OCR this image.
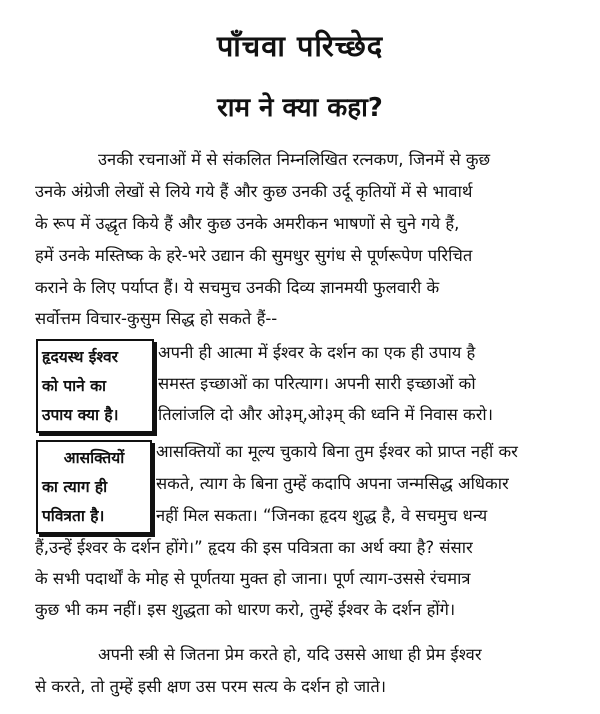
पाँचवा परिच्छेद
राम ने क्या कहा?
उनकी रचनाओं में से संकलित निम्नलिखित रत्नकण, जिनमें से कुछ
उनके अंग्रेजी लेखों से लिये गये हैं और कुछ उनकी उर्दू कृतियों में से भावार्थ
के रूप में उद्धृत किये हैं और कुछ उनके अमरीकन भाषणों से चुने गये हैं,
हमें उनके मस्तिष्क के हरे-भरे उद्यान की सुमधुर सुगंध से पूर्णरूपेण परिचित
कराने के लिए पर्याप्त हैं। ये सचमुच उनकी दिव्य ज्ञानमयी फुलवारी के
सर्वोत्तम विचार-कुसुम सिद्ध हो सकते हैं--
हृदयस्थ ईश्वर
को पाने का
उपाय क्या है।
अपनी ही आत्मा में ईश्वर के दर्शन का एक ही उपाय है
समस्त इच्छाओं का परित्याग। अपनी सारी इच्छाओं को
तिलांजलि दो और ओ३म्,ओ३म् की ध्वनि में निवास करो।
आसक्तियों
का त्याग ही
पवित्रता है।
आसक्तियों का मूल्य चुकाये बिना तुम ईश्वर को प्राप्त नहीं कर
सकते, त्याग के बिना तुम्हें कदापि अपना जन्मसिद्ध अधिकार
नहीं मिल सकता। “जिनका हृदय शुद्ध है, वे सचमुच धन्य
हैं,उन्हें ईश्वर के दर्शन होंगे।” हृदय की इस पवित्रता का अर्थ क्या है? संसार
के सभी पदार्थों के मोह से पूर्णतया मुक्त हो जाना। पूर्ण त्याग-उससे रंचमात्र
कुछ भी कम नहीं। इस शुद्धता को धारण करो, तुम्हें ईश्वर के दर्शन होंगे।
अपनी स्त्री से जितना प्रेम करते हो, यदि उससे आधा ही प्रेम ईश्वर
से करते, तो तुम्हें इसी क्षण उस परम सत्य के दर्शन हो जाते।
